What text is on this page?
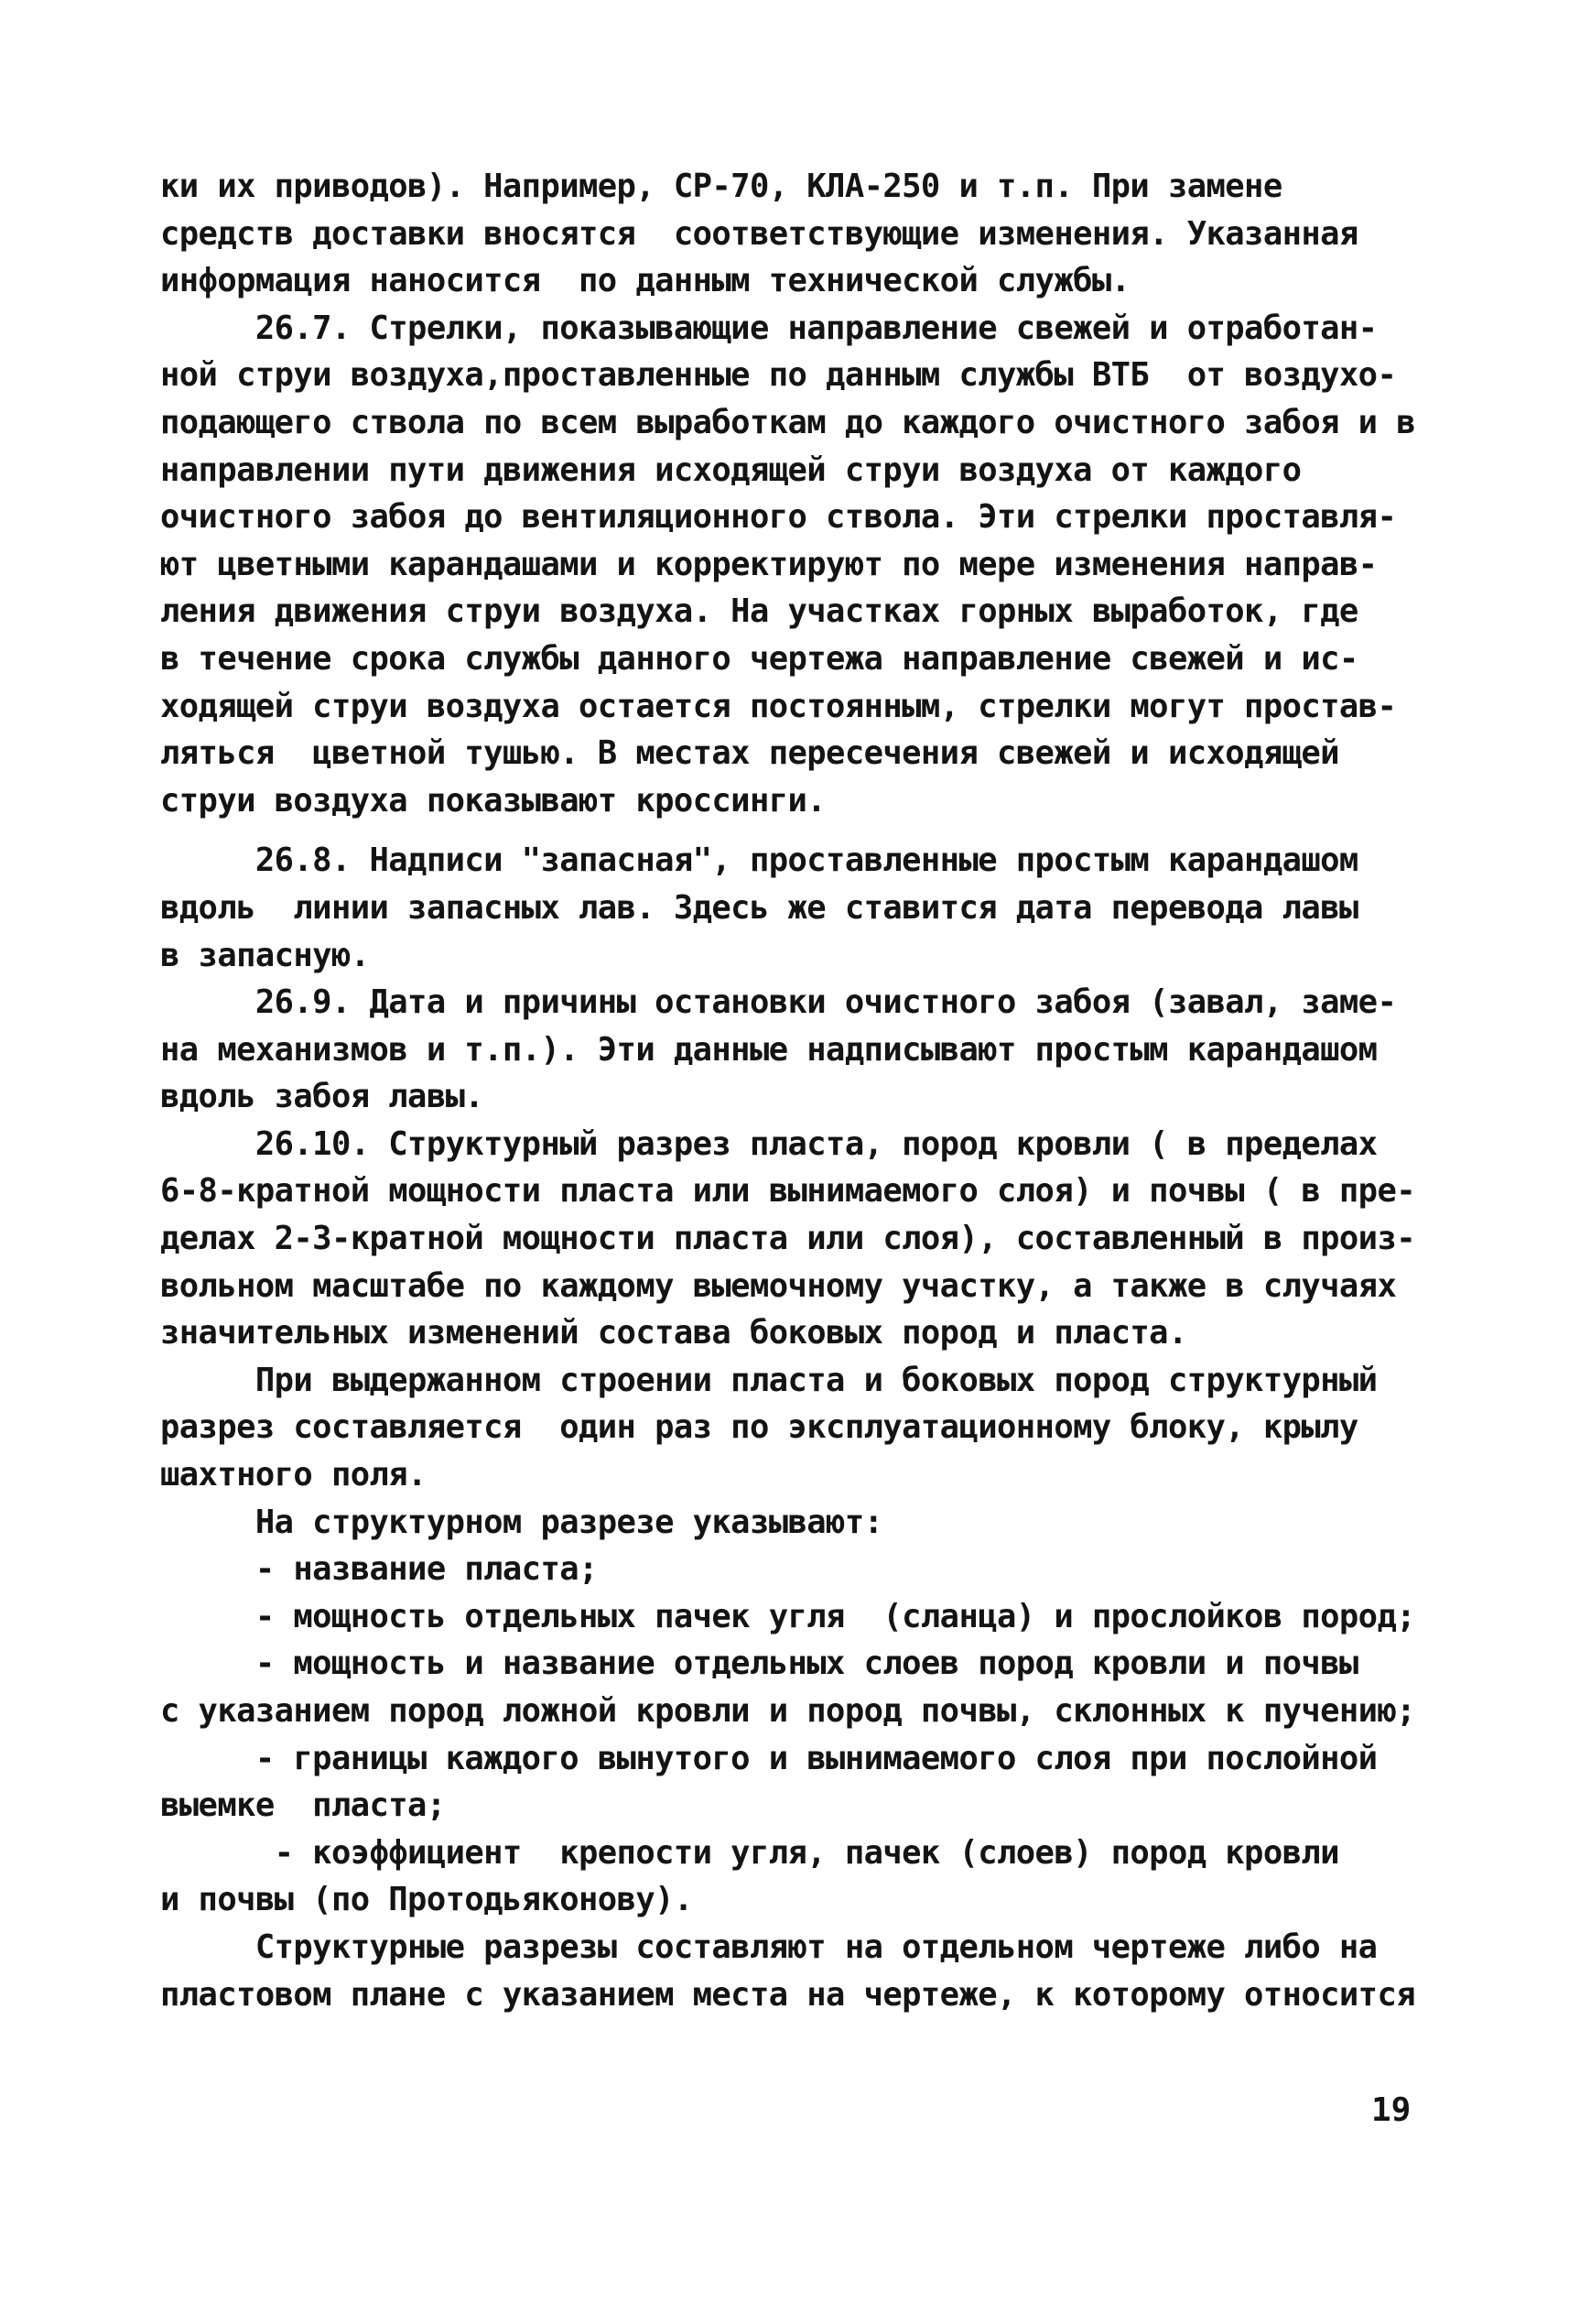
ки их приводов). Например, СР-70, КЛА-250 и т.п. При замене
средств доставки вносятся  соответствующие изменения. Указанная
информация наносится  по данным технической службы.
26.7. Стрелки, показывающие направление свежей и отработан-
ной струи воздуха,проставленные по данным службы ВТБ  от воздухо-
подающего ствола по всем выработкам до каждого очистного забоя и в
направлении пути движения исходящей струи воздуха от каждого
очистного забоя до вентиляционного ствола. Эти стрелки проставля-
ют цветными карандашами и корректируют по мере изменения направ-
ления движения струи воздуха. На участках горных выработок, где
в течение срока службы данного чертежа направление свежей и ис-
ходящей струи воздуха остается постоянным, стрелки могут простав-
ляться  цветной тушью. В местах пересечения свежей и исходящей
струи воздуха показывают кроссинги.
26.8. Надписи "запасная", проставленные простым карандашом
вдоль  линии запасных лав. Здесь же ставится дата перевода лавы
в запасную.
26.9. Дата и причины остановки очистного забоя (завал, заме-
на механизмов и т.п.). Эти данные надписывают простым карандашом
вдоль забоя лавы.
26.10. Структурный разрез пласта, пород кровли ( в пределах
6-8-кратной мощности пласта или вынимаемого слоя) и почвы ( в пре-
делах 2-3-кратной мощности пласта или слоя), составленный в произ-
вольном масштабе по каждому выемочному участку, а также в случаях
значительных изменений состава боковых пород и пласта.
При выдержанном строении пласта и боковых пород структурный
разрез составляется  один раз по эксплуатационному блоку, крылу
шахтного поля.
На структурном разрезе указывают:
- название пласта;
- мощность отдельных пачек угля  (сланца) и прослойков пород;
- мощность и название отдельных слоев пород кровли и почвы
с указанием пород ложной кровли и пород почвы, склонных к пучению;
- границы каждого вынутого и вынимаемого слоя при послойной
выемке  пласта;
- коэффициент  крепости угля, пачек (слоев) пород кровли
и почвы (по Протодьяконову).
Структурные разрезы составляют на отдельном чертеже либо на
пластовом плане с указанием места на чертеже, к которому относится
19
